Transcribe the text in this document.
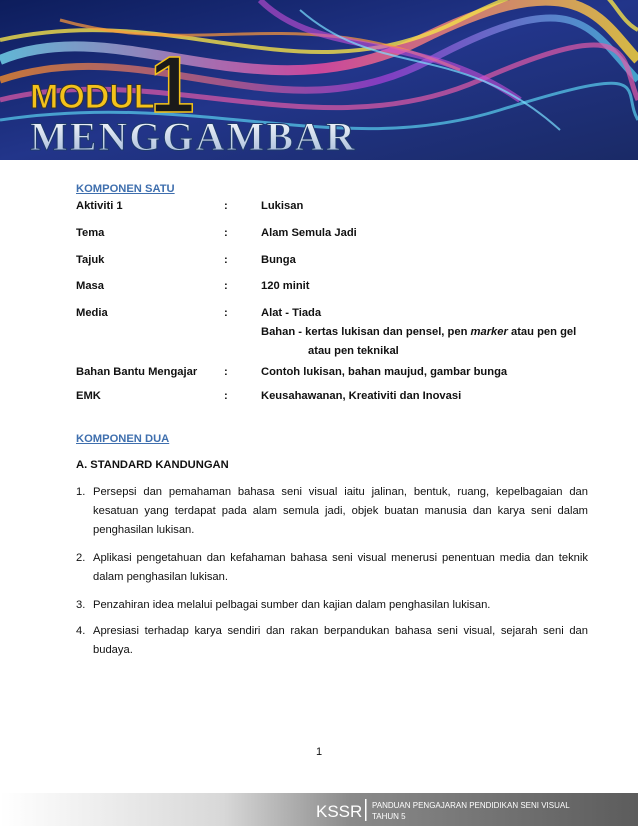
MODUL
1
MENGGAMBAR
KOMPONEN SATU
Aktiviti 1	:	Lukisan
Tema	:	Alam Semula Jadi
Tajuk	:	Bunga
Masa	:	120 minit
Media	:	Alat - Tiada
Bahan - kertas lukisan dan pensel, pen marker atau pen gel
atau pen teknikal
Bahan Bantu Mengajar :	Contoh lukisan, bahan maujud, gambar bunga
EMK	:	Keusahawanan, Kreativiti dan Inovasi
KOMPONEN DUA
A. STANDARD KANDUNGAN
1. Persepsi dan pemahaman bahasa seni visual iaitu jalinan, bentuk, ruang, kepelbagaian dan kesatuan yang terdapat pada alam semula jadi, objek buatan manusia dan karya seni dalam penghasilan lukisan.
2. Aplikasi pengetahuan dan kefahaman bahasa seni visual menerusi penentuan media dan teknik dalam penghasilan lukisan.
3. Penzahiran idea melalui pelbagai sumber dan kajian dalam penghasilan lukisan.
4. Apresiasi terhadap karya sendiri dan rakan berpandukan bahasa seni visual, sejarah seni dan budaya.
1
KSSR PANDUAN PENGAJARAN PENDIDIKAN SENI VISUAL
TAHUN 5
